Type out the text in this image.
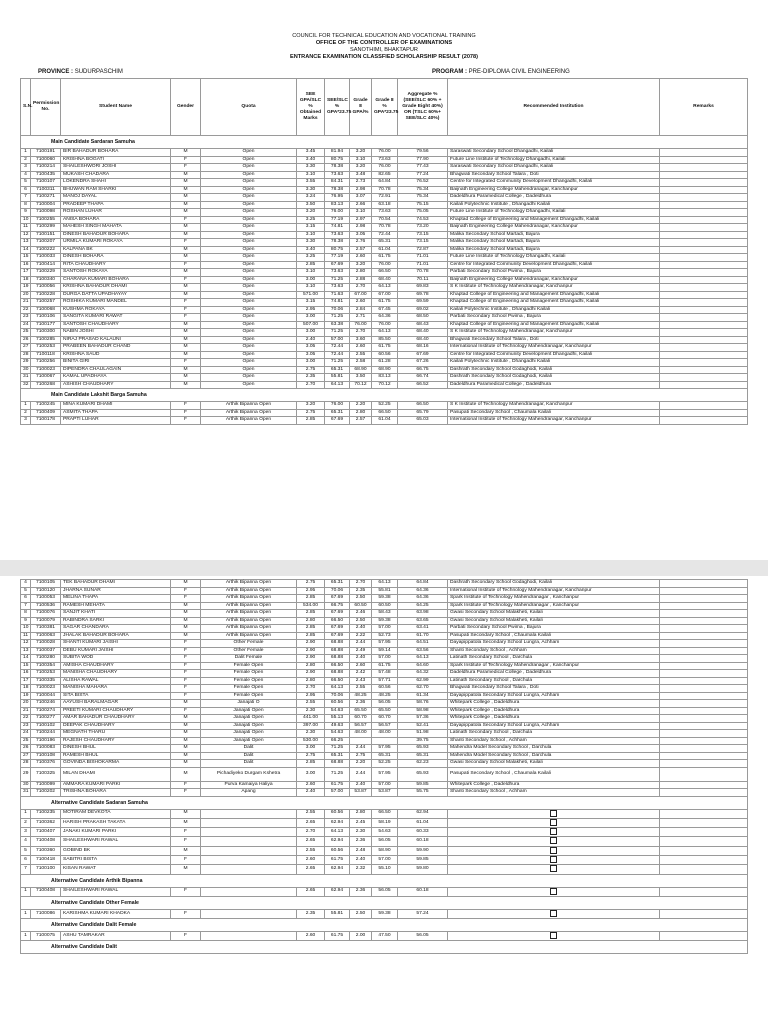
COUNCIL FOR TECHNICAL EDUCATION AND VOCATIONAL TRAINING
OFFICE OF THE CONTROLLER OF EXAMINATIONS
SANOTHIMI, BHAKTAPUR
ENTRANCE EXAMINATION CLASSFIED SCHOLARSHIP RESULT (2078)
PROVINCE : SUDURPASCHIM	PROGRAM : PRE-DIPLOMA CIVIL ENGINEERING
S.N.	Permission No.	Student Name	Gender	Quota	SEE GPA/SLC % Obtained Marks	SEE/SLC % GPA*23.75	Grade 8 GPA/%	Grade 8 % GPA*23.75	Aggregate %(SEE/SLC 60% + Grade Eight 40%) OR (TSLC 60%+ SEE/SLC 40%)	Recommended Institution	Remarks
Main Candidate Sardaran Samuha											
1	7100191	BIR BAHADUR BOHARA	M	Open	3.45	81.94	3.20	76.00	79.56	Saraswati Secondary School Dhangadhi, Kailali	
2	7100060	KRISHNA BOGATI	F	Open	3.40	80.75	3.10	73.63	77.90	Future Line Institute of Technology Dhangadhi, Kailali	
3	7100214	SHAILESHWORI JOSHI	F	Open	3.30	78.38	3.20	76.00	77.43	Saraswati Secondary School Dhangadhi, Kailali	
4	7100435	MUKASH CHADARA	M	Open	3.10	73.63	3.48	82.65	77.24	Bhagwati Secondary School Talara , Doti	
5	7100107	LOKENDRA SHAHI	M	Open	3.55	84.31	2.73	64.84	76.52	Centre for Integrated Community Development Dhangadhi, Kailali	
6	7100311	BHUWAN RAM SHARKI	M	Open	3.30	78.38	2.98	70.78	75.34	Baijnath Engineering College Mahendranagar, Kanchanpur	
7	7100271	MANOJ DAYAL	M	Open	3.24	76.95	3.07	72.91	75.34	Dadeldhura Paramedical College , Dadeldhura	
8	7100004	PRADEEP THAPA	M	Open	3.50	83.13	2.66	63.18	75.15	Kailali Polytechnic Institute , Dhangadhi Kailali	
9	7100098	ROSHAN LUHAR	M	Open	3.20	76.00	3.10	73.63	75.05	Future Line Institute of Technology Dhangadhi, Kailali	
10	7100255	ANISA BOHARA	F	Open	3.25	77.19	2.97	70.54	74.53	Khaptad College of Engineering and Management Dhangadhi, Kailali	
11	7100299	MAHESH SINGH MAHATA	M	Open	3.15	74.81	2.98	70.78	73.20	Baijnath Engineering College Mahendranagar, Kanchanpur	
12	7100151	DINESH BAHADUR BOHARA	M	Open	3.10	73.63	3.05	72.44	73.15	Malika Secondary School Martadi, Bajura	
13	7100207	URMILA KUMARI ROKAYA	F	Open	3.30	78.38	2.76	65.31	73.15	Malika Secondary School Martadi, Bajura	
14	7100222	KALPANA BK	M	Open	3.40	80.75	2.57	61.04	72.87	Malika Secondary School Martadi, Bajura	
15	7100033	DINESH BOHARA	M	Open	3.25	77.19	2.60	61.75	71.01	Future Line Institute of Technology Dhangadhi, Kailali	
16	7100414	RITA CHAUDHARY	F	Open	2.85	67.69	3.20	76.00	71.01	Centre for Integrated Community Development Dhangadhi, Kailali	
17	7100229	SANTOSH ROKAYA	M	Open	3.10	73.63	2.80	66.50	70.78	Parbati Secondary School Pwima , Bajura	
18	7100340	CHARANA KUMARI BOHARA	F	Open	3.00	71.25	2.88	68.40	70.11	Baijnath Engineering College Mahendranagar, Kanchanpur	
19	7100056	KRISHNA BAHADUR DHAMI	M	Open	3.10	73.63	2.70	64.13	69.83	S K Institute of Technology Mahendranagar, Kanchanpur	
20	7100228	DURGA DATTA UPADHAYAY	M	Open	571.00	71.63	67.00	67.00	69.78	Khaptad College of Engineering and Management Dhangadhi, Kailali	
21	7100257	ROSHIKA KUMARI MANDEL	F	Open	3.15	74.81	2.60	61.75	69.59	Khaptad College of Engineering and Management Dhangadhi, Kailali	
22	7100068	KUSHMA ROKAYA	F	Open	2.95	70.06	2.84	67.45	69.02	Kailali Polytechnic Institute , Dhangadhi Kailali	
23	7100106	SANGITA KUMARI RAWAT	F	Open	3.00	71.25	2.71	64.36	68.50	Parbati Secondary School Pwima , Bajura	
24	7100177	SANTOSH CHAUDHARY	M	Open	507.00	63.38	76.00	76.00	68.43	Khaptad College of Engineering and Management Dhangadhi, Kailali	
25	7100300	NABIN JOSHI	M	Open	3.00	71.25	2.70	64.13	68.40	S K Institute of Technology Mahendranagar, Kanchanpur	
26	7100285	NIRAJ PRASAD KALAUNI	M	Open	2.40	57.00	3.60	85.50	68.40	Bhagwati Secondary School Talara , Doti	
27	7100253	PRABEEN BAHADUR CHAND	M	Open	3.05	72.44	2.60	61.75	68.16	International Institute of Technology Mahendranagar, Kanchanpur	
28	7100118	KRISHNA SAUD	M	Open	3.05	72.44	2.55	60.56	67.69	Centre for Integrated Community Development Dhangadhi, Kailali	
29	7100256	BINITA GIRI	F	Open	3.00	71.25	2.58	61.28	67.26	Kailali Polytechnic Institute , Dhangadhi Kailali	
30	7100023	DIPENDRA CHAULAGAIN	M	Open	2.75	65.31	68.90	68.90	66.75	Dashrath Secondary School Godaghodi, Kailali	
31	7100067	KAMAL UPADHAYA	M	Open	2.35	55.81	3.50	83.13	66.74	Dashrath Secondary School Godaghodi, Kailali	
32	7100268	ASHISH CHAUDHARY	M	Open	2.70	64.13	70.12	70.12	66.52	Dadeldhura Paramedical College , Dadeldhura	
Main Candidate Lakshit Barga Samuha											
1	7100245	MINA KUMARI DHAMI	F	Arthik Bipanna Open	3.20	76.00	2.20	52.25	66.50	S K Institute of Technology Mahendranagar, Kanchanpur	
2	7100409	ASMITA THAPA	F	Arthik Bipanna Open	2.75	65.31	2.80	66.50	65.79	Pasupati Secondary School , Chaumala Kailali	
3	7100178	PRAPTI LUHAR	F	Arthik Bipanna Open	2.85	67.69	2.57	61.04	65.03	International Institute of Technology Mahendranagar, Kanchanpur	
4	7100105	TEK BAHADUR DHAMI	M	Arthik Bipanna Open	2.75	65.31	2.70	64.13	64.84	Dashrath Secondary School Godaghodi, Kailali	
5	7100120	JHARNA SUNAR	F	Arthik Bipanna Open	2.95	70.06	2.35	55.81	64.36	International Institute of Technology Mahendranagar, Kanchanpur	
6	7100053	MELINA THAPA	F	Arthik Bipanna Open	2.85	67.69	2.50	59.38	64.36	Spark Institute of Technology Mahendranagar , Kanchanpur	
7	7100536	RAMESH MEHATA	M	Arthik Bipanna Open	534.00	66.75	60.50	60.50	64.25	Spark Institute of Technology Mahendranagar , Kanchanpur	
8	7100076	SANJIT KHATI	M	Arthik Bipanna Open	2.85	67.69	2.46	58.43	63.98	Gwasi Secondary School Malakheti, Kailali	
9	7100079	RABINDRA SARKI	M	Arthik Bipanna Open	2.80	66.50	2.50	59.38	63.65	Gwasi Secondary School Malakheti, Kailali	
10	7100381	SAGAR CHANDARA	M	Arthik Bipanna Open	2.85	67.69	2.40	57.00	63.41	Parbati Secondary School Pwima , Bajura	
11	7100063	JHALAK BAHADUR BOHARA	M	Arthik Bipanna Open	2.85	67.69	2.22	52.73	61.70	Pasupati Secondary School , Chaumala Kailali	
12	7100028	SHANTI KUMARI JAISHI	F	Other Female	2.90	68.88	2.44	57.95	64.51	Dayapippatola Secondary School Lungra, Achham	
13	7100037	DEBU KUMARI JAISHI	F	Other Female	2.90	68.88	2.49	59.14	63.56	Shanti Secondary School , Achham	
14	7100280	SUBITA WOD	F	Dalit Female	2.90	68.88	2.40	57.00	64.13	Latinath Secondary School , Darchula	
15	7100354	AMISHA CHAUDHARY	F	Female Open	2.80	66.50	2.60	61.75	64.60	Spark Institute of Technology Mahendranagar , Kanchanpur	
16	7100253	MANISHA CHAUDHARY	F	Female Open	2.90	68.88	2.42	57.48	64.32	Dadeldhura Paramedical College , Dadeldhura	
17	7100335	ALISHA RAWAL	F	Female Open	2.80	66.50	2.43	57.71	62.99	Latinath Secondary School , Darchula	
18	7100023	MANISHA MAHARA	F	Female Open	2.70	64.13	2.55	60.56	62.70	Bhagwati Secondary School Talara , Doti	
19	7100044	SITA BISTA	F	Female Open	2.95	70.06	48.25	48.25	61.34	Dayapippatola Secondary School Lungra, Achham	
20	7100246	AAYUSH BARALMAGAR	M	Janajati O	2.55	60.56	2.36	56.05	58.76	Whitepark College , Dadeldhura	
21	7100274	PREETI KUMARI CHAUDHARY	F	Janajati Open	2.30	54.63	65.50	65.50	58.98	Whitepark College , Dadeldhura	
22	7100277	AMAR BAHADUR CHAUDHARY	M	Janajati Open	441.00	55.13	60.70	60.70	57.36	Whitepark College , Dadeldhura	
23	7100102	DEEPAK CHAUDHARY	M	Janajati Open	397.00	49.63	56.57	56.57	52.41	Dayapippatola Secondary School Lungra, Achham	
24	7100244	MEGNATH THARU	M	Janajati Open	2.30	54.63	48.00	48.00	51.98	Latinath Secondary School , Darchula	
25	7100196	RAJESH CHAUDHARY	M	Janajati Open	530.00	66.25			39.75	Shanti Secondary School , Achham	
26	7100083	DINESH BHUL	M	Dalit	3.00	71.25	2.44	57.95	65.93	Mahendra Model Secondary School , Darchula	
27	7100108	RAMESH BHUL	M	Dalit	2.75	65.31	2.75	65.31	65.31	Mahendra Model Secondary School , Darchula	
28	7100376	GOVINDA BISHOKARMA	M	Dalit	2.85	68.88	2.20	52.25	62.23	Gwasi Secondary School Malakheti, Kailali	
29	7100325	MILAN DHAMI	M	Pichadiyeko Durgam Kshetra	3.00	71.25	2.44	57.95	65.93	Pasupati Secondary School , Chaumala Kailali	
30	7100099	AMMARA KUMARI PARKI	F	Purva Kamaiya Haliya	2.60	61.75	2.40	57.00	59.85	Whitepark College , Dadeldhura	
31	7100202	TRISHNA BOHARA	F	Apang	2.40	57.00	53.87	53.87	55.75	Shanti Secondary School , Achham	
Alternative Candidate Sadaran Samuha											
1	7100235	MOTIRAM DEVKOTA	M		2.55	60.56	2.80	66.50	62.94		
2	7100362	HARISH PRAKASH TAKATA	M		2.65	62.94	2.45	58.19	61.04		
3	7100407	JANAKI KUMARI PARKI	F		2.70	64.13	2.30	54.63	60.33		
4	7100408	SHAILESHWARI RAWAL	F		2.65	62.94	2.36	56.05	60.18		
5	7100360	GOBIND BK	M		2.55	60.56	2.48	58.90	59.90		
6	7100418	SABITRI BISTA	F		2.60	61.75	2.40	57.00	59.85		
7	7100100	KISAN RAWAT	M		2.65	62.94	2.32	55.10	59.80		
Alternative Candidate Arthik Bipanna											
1	7100408	SHAILESHWARI RAWAL	F		2.65	62.94	2.36	56.05	60.18		
Alternative Candidate Other Female											
1	7100086	KARISHMA KUMARI KHADKA	F		2.35	55.81	2.50	59.38	57.24		
Alternative Candidate Dalit Female											
1	7100075	ASHU TAMRAKAR	F		2.60	61.75	2.00	47.50	56.05		
Alternative Candidate Dalit											
